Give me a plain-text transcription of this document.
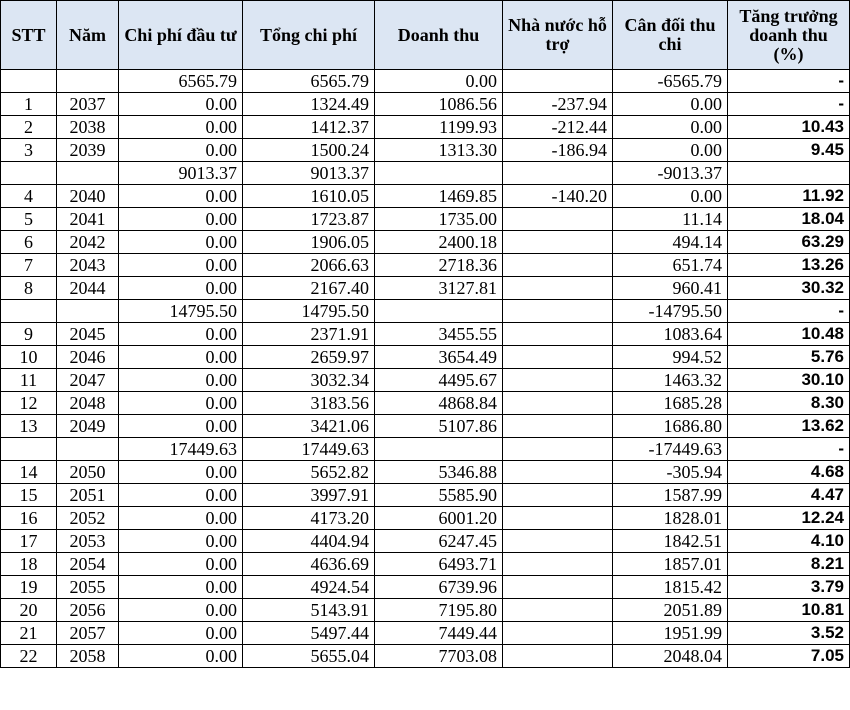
STT	Năm	Chi phí đầu tư	Tổng chi phí	Doanh thu	Nhà nước hỗ trợ	Cân đối thu chi	Tăng trưởng doanh thu (%)
		6565.79	6565.79	0.00		-6565.79	-
1	2037	0.00	1324.49	1086.56	-237.94	0.00	-
2	2038	0.00	1412.37	1199.93	-212.44	0.00	10.43
3	2039	0.00	1500.24	1313.30	-186.94	0.00	9.45
		9013.37	9013.37			-9013.37	
4	2040	0.00	1610.05	1469.85	-140.20	0.00	11.92
5	2041	0.00	1723.87	1735.00		11.14	18.04
6	2042	0.00	1906.05	2400.18		494.14	63.29
7	2043	0.00	2066.63	2718.36		651.74	13.26
8	2044	0.00	2167.40	3127.81		960.41	30.32
		14795.50	14795.50			-14795.50	-
9	2045	0.00	2371.91	3455.55		1083.64	10.48
10	2046	0.00	2659.97	3654.49		994.52	5.76
11	2047	0.00	3032.34	4495.67		1463.32	30.10
12	2048	0.00	3183.56	4868.84		1685.28	8.30
13	2049	0.00	3421.06	5107.86		1686.80	13.62
		17449.63	17449.63			-17449.63	-
14	2050	0.00	5652.82	5346.88		-305.94	4.68
15	2051	0.00	3997.91	5585.90		1587.99	4.47
16	2052	0.00	4173.20	6001.20		1828.01	12.24
17	2053	0.00	4404.94	6247.45		1842.51	4.10
18	2054	0.00	4636.69	6493.71		1857.01	8.21
19	2055	0.00	4924.54	6739.96		1815.42	3.79
20	2056	0.00	5143.91	7195.80		2051.89	10.81
21	2057	0.00	5497.44	7449.44		1951.99	3.52
22	2058	0.00	5655.04	7703.08		2048.04	7.05
